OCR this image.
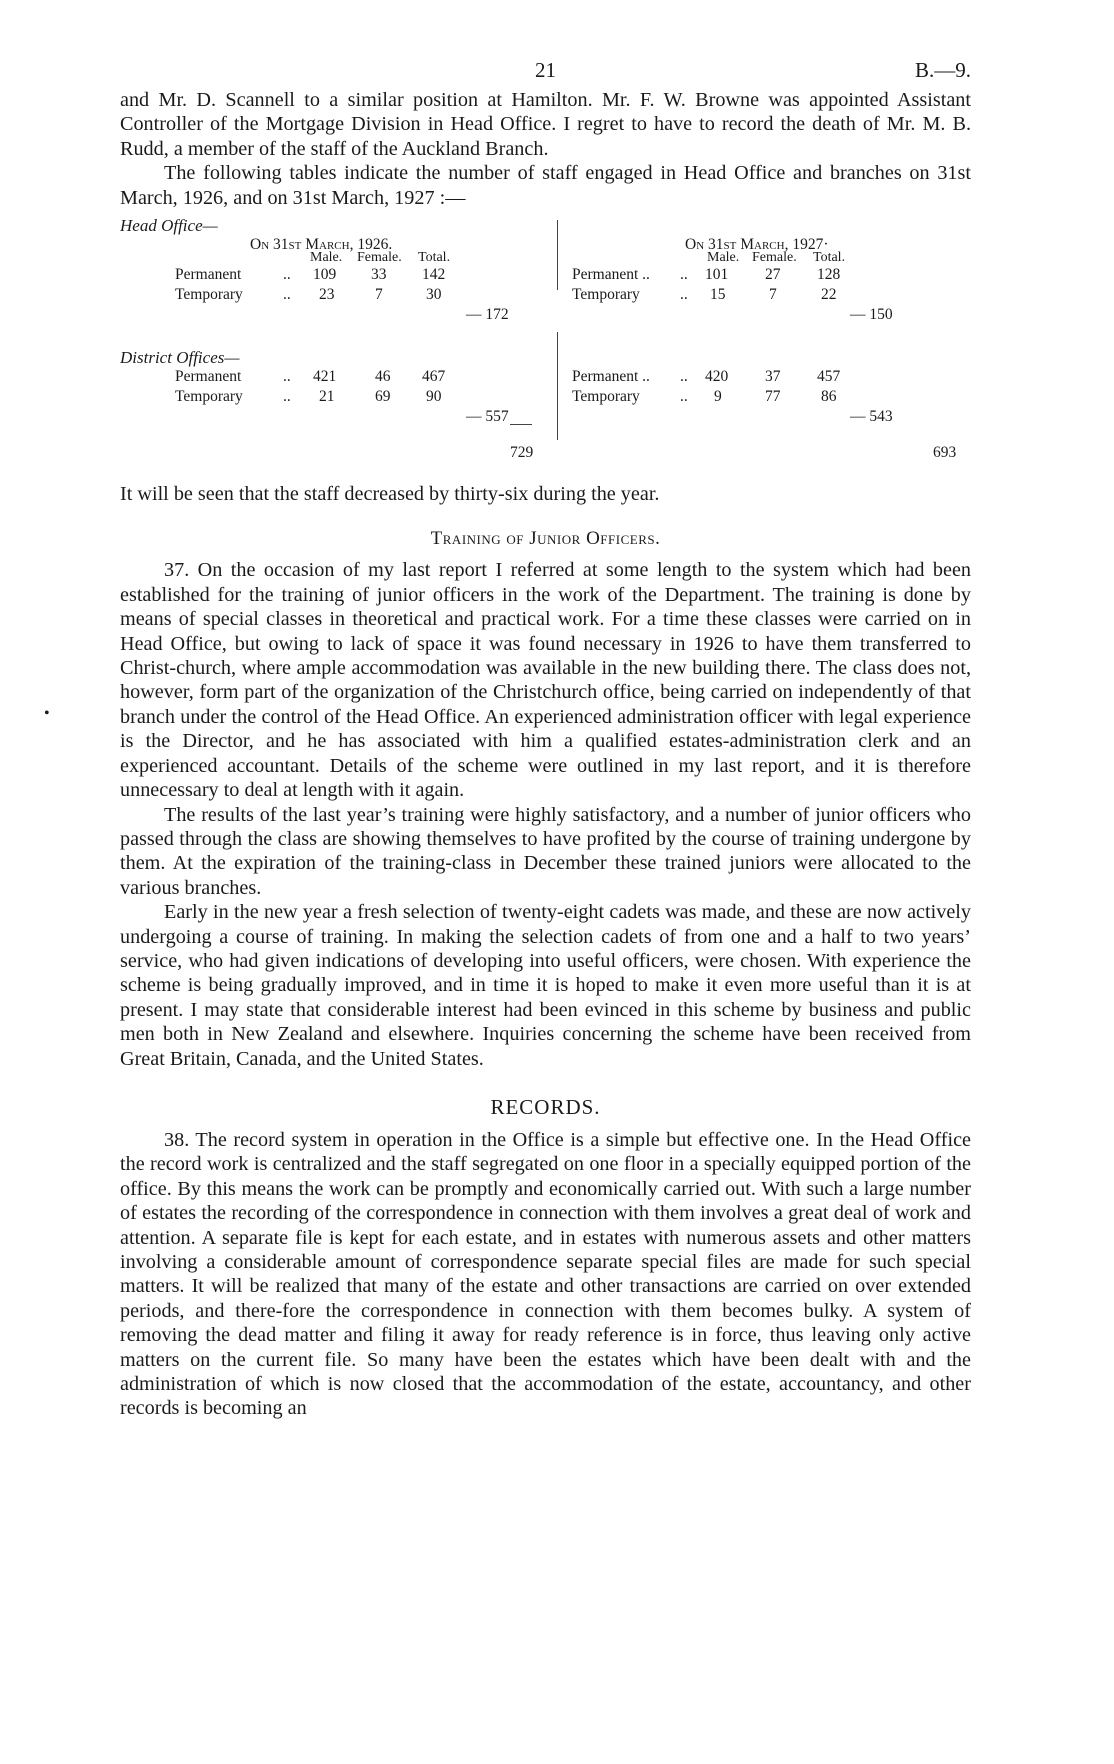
•
21	B.—9.

and Mr. D. Scannell to a similar position at Hamilton. Mr. F. W. Browne was appointed Assistant Controller of the Mortgage Division in Head Office. I regret to have to record the death of Mr. M. B. Rudd, a member of the staff of the Auckland Branch.

The following tables indicate the number of staff engaged in Head Office and branches on 31st March, 1926, and on 31st March, 1927 :—

Head Office—
On 31st March, 1926.	On 31st March, 1927·
Male. Female. Total.	Male. Female. Total.
Permanent	.. 109 33 142	Permanent .. .. 101 27 128
Temporary	.. 23	7	30	Temporary	.. 15	7	22
— 172	— 150
District Offices—
Permanent	.. 421	46 467	Permanent .. .. 420 37 457
Temporary	.. 21	69 90	Temporary	.. 9	77	86
— 557	— 543
729	693

It will be seen that the staff decreased by thirty-six during the year.

Training of Junior Officers.

37. On the occasion of my last report I referred at some length to the system which had been established for the training of junior officers in the work of the Department. The training is done by means of special classes in theoretical and practical work. For a time these classes were carried on in Head Office, but owing to lack of space it was found necessary in 1926 to have them transferred to Christ-church, where ample accommodation was available in the new building there. The class does not, however, form part of the organization of the Christchurch office, being carried on independently of that branch under the control of the Head Office. An experienced administration officer with legal experience is the Director, and he has associated with him a qualified estates-administration clerk and an experienced accountant. Details of the scheme were outlined in my last report, and it is therefore unnecessary to deal at length with it again.

The results of the last year’s training were highly satisfactory, and a number of junior officers who passed through the class are showing themselves to have profited by the course of training undergone by them. At the expiration of the training-class in December these trained juniors were allocated to the various branches.

Early in the new year a fresh selection of twenty-eight cadets was made, and these are now actively undergoing a course of training. In making the selection cadets of from one and a half to two years’ service, who had given indications of developing into useful officers, were chosen. With experience the scheme is being gradually improved, and in time it is hoped to make it even more useful than it is at present. I may state that considerable interest had been evinced in this scheme by business and public men both in New Zealand and elsewhere. Inquiries concerning the scheme have been received from Great Britain, Canada, and the United States.

RECORDS.

38. The record system in operation in the Office is a simple but effective one. In the Head Office the record work is centralized and the staff segregated on one floor in a specially equipped portion of the office. By this means the work can be promptly and economically carried out. With such a large number of estates the recording of the correspondence in connection with them involves a great deal of work and attention. A separate file is kept for each estate, and in estates with numerous assets and other matters involving a considerable amount of correspondence separate special files are made for such special matters. It will be realized that many of the estate and other transactions are carried on over extended periods, and there-fore the correspondence in connection with them becomes bulky. A system of removing the dead matter and filing it away for ready reference is in force, thus leaving only active matters on the current file. So many have been the estates which have been dealt with and the administration of which is now closed that the accommodation of the estate, accountancy, and other records is becoming an
